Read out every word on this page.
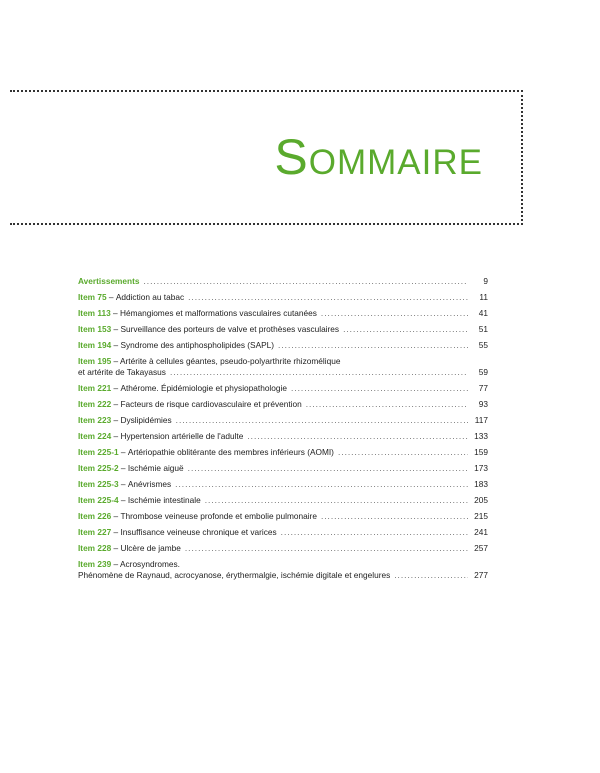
Sommaire
Avertissements .....	9
Item 75 – Addiction au tabac .....	11
Item 113 – Hémangiomes et malformations vasculaires cutanées .....	41
Item 153 – Surveillance des porteurs de valve et prothèses vasculaires .....	51
Item 194 – Syndrome des antiphospholipides (SAPL) .....	55
Item 195 – Artérite à cellules géantes, pseudo-polyarthrite rhizomélique
et artérite de Takayasus .....	59
Item 221 – Athérome. Épidémiologie et physiopathologie .....	77
Item 222 – Facteurs de risque cardiovasculaire et prévention .....	93
Item 223 – Dyslipidémies .....	117
Item 224 – Hypertension artérielle de l'adulte .....	133
Item 225-1 – Artériopathie oblitérante des membres inférieurs (AOMI) .....	159
Item 225-2 – Ischémie aiguë .....	173
Item 225-3 – Anévrismes .....	183
Item 225-4 – Ischémie intestinale .....	205
Item 226 – Thrombose veineuse profonde et embolie pulmonaire .....	215
Item 227 – Insuffisance veineuse chronique et varices .....	241
Item 228 – Ulcère de jambe .....	257
Item 239 – Acrosyndromes.
Phénomène de Raynaud, acrocyanose, érythermalgie, ischémie digitale et engelures .....	277
